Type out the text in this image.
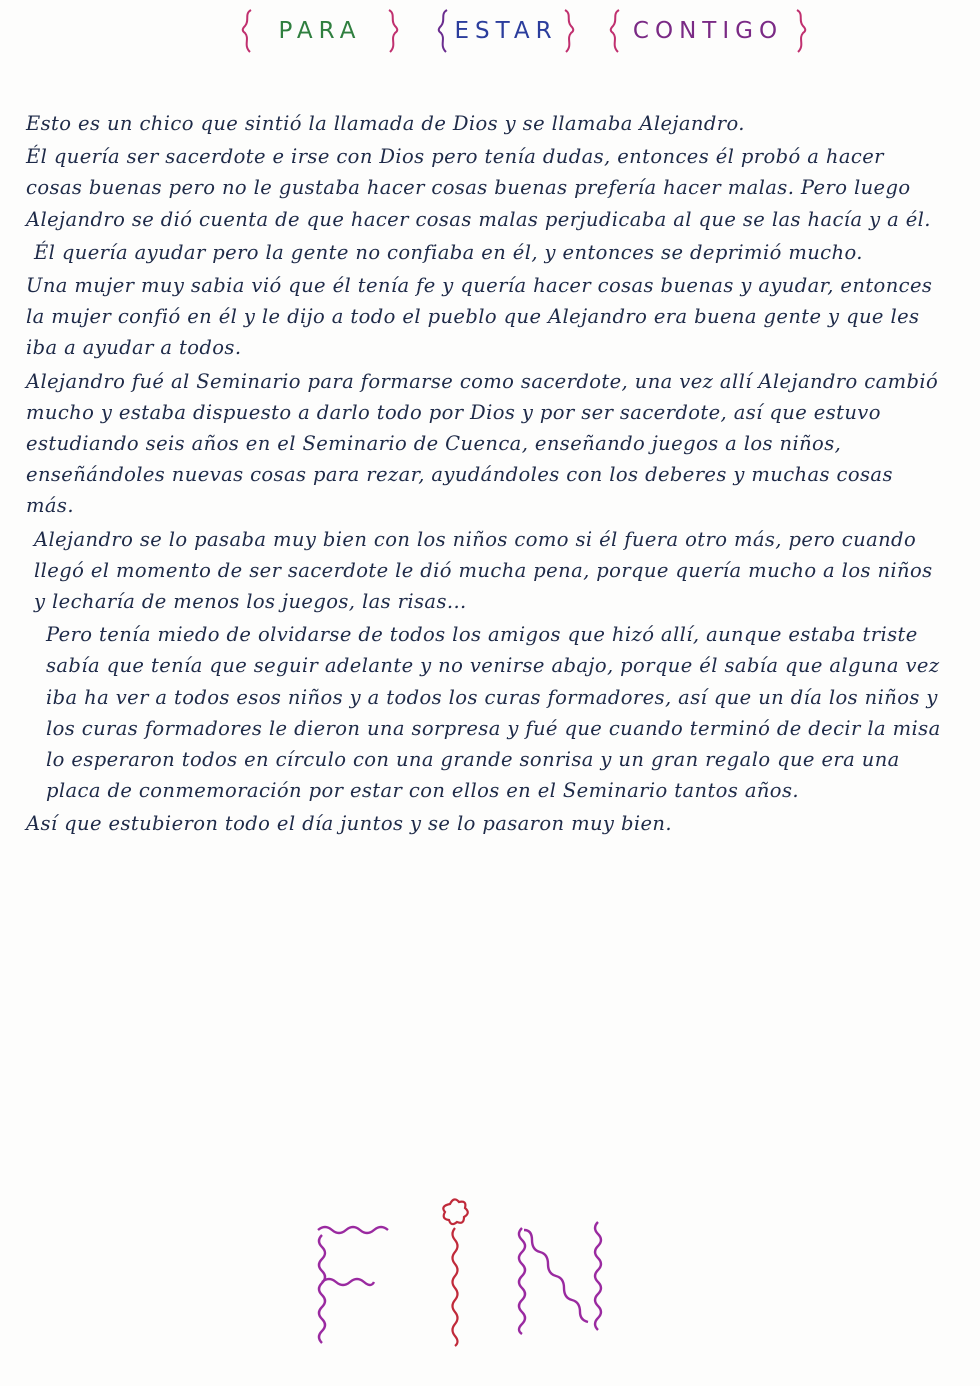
PARA	ESTAR	CONTIGO

Esto es un chico que sintió la llamada de Dios y se llamaba Alejandro.

Él quería ser sacerdote e irse con Dios pero tenía dudas, entonces él probó a hacer cosas buenas pero no le gustaba hacer cosas buenas prefería hacer malas. Pero luego Alejandro se dió cuenta de que hacer cosas malas perjudicaba al que se las hacía y a él.

Él quería ayudar pero la gente no confiaba en él, y entonces se deprimió mucho.

Una mujer muy sabia vió que él tenía fe y quería hacer cosas buenas y ayudar, entonces la mujer confió en él y le dijo a todo el pueblo que Alejandro era buena gente y que les iba a ayudar a todos.

Alejandro fué al Seminario para formarse como sacerdote, una vez allí Alejandro cambió mucho y estaba dispuesto a darlo todo por Dios y por ser sacerdote, así que estuvo estudiando seis años en el Seminario de Cuenca, enseñando juegos a los niños, enseñándoles nuevas cosas para rezar, ayudándoles con los deberes y muchas cosas más.

Alejandro se lo pasaba muy bien con los niños como si él fuera otro más, pero cuando llegó el momento de ser sacerdote le dió mucha pena, porque quería mucho a los niños y lecharía de menos los juegos, las risas...

Pero tenía miedo de olvidarse de todos los amigos que hizó allí, aunque estaba triste sabía que tenía que seguir adelante y no venirse abajo, porque él sabía que alguna vez iba ha ver a todos esos niños y a todos los curas formadores, así que un día los niños y los curas formadores le dieron una sorpresa y fué que cuando terminó de decir la misa lo esperaron todos en círculo con una grande sonrisa y un gran regalo que era una placa de conmemoración por estar con ellos en el Seminario tantos años.

Así que estubieron todo el día juntos y se lo pasaron muy bien.
